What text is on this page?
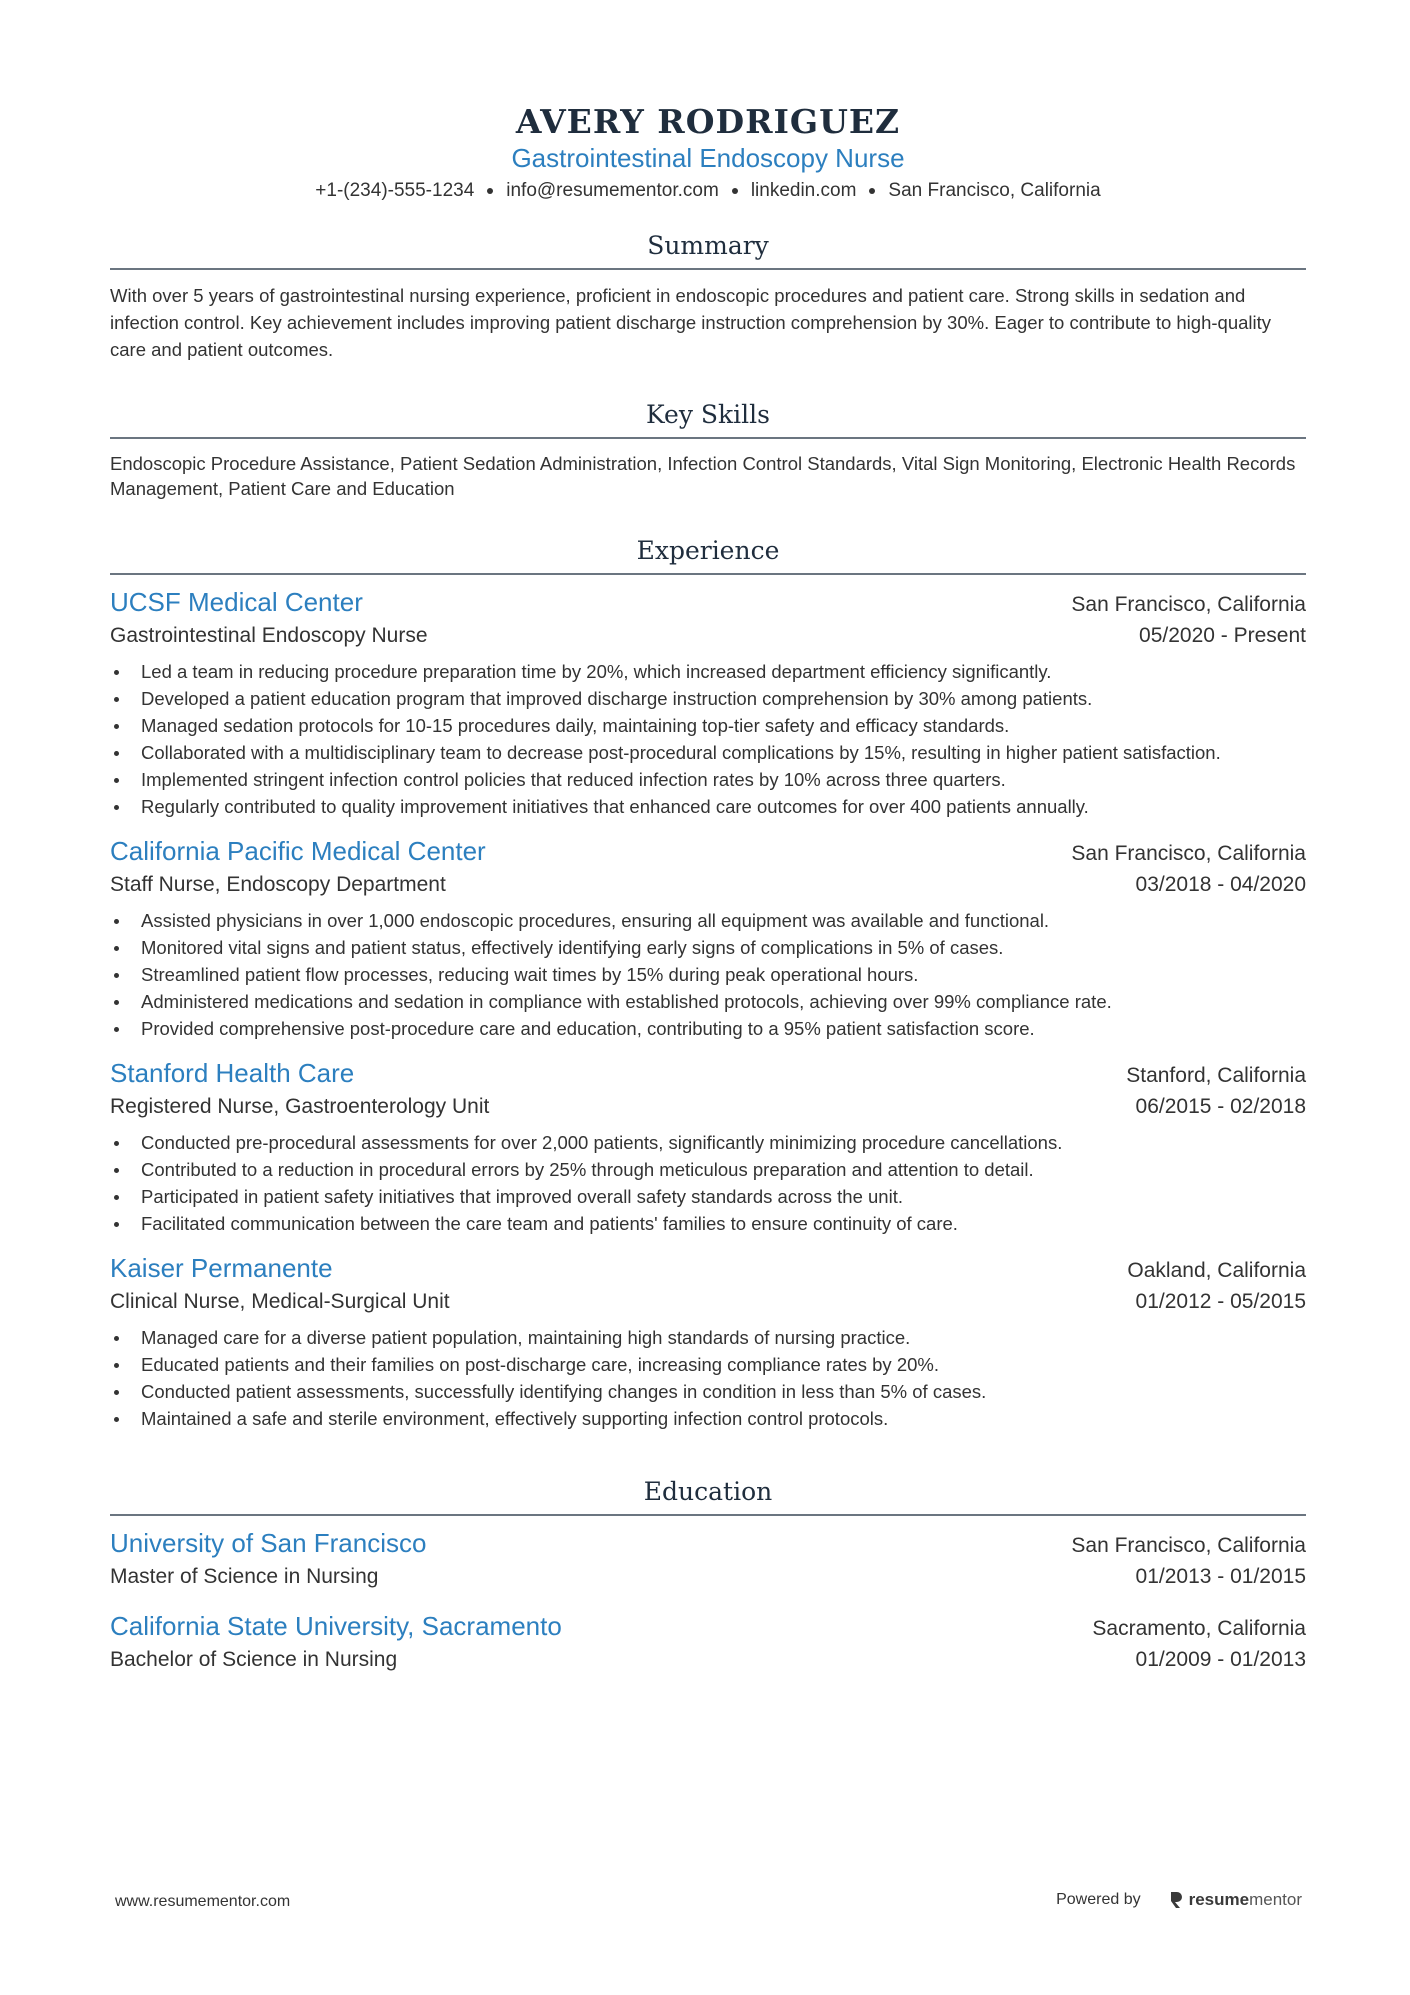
AVERY RODRIGUEZ
Gastrointestinal Endoscopy Nurse
+1-(234)-555-1234 info@resumementor.com linkedin.com San Francisco, California
Summary
With over 5 years of gastrointestinal nursing experience, proficient in endoscopic procedures and patient care. Strong skills in sedation and infection control. Key achievement includes improving patient discharge instruction comprehension by 30%. Eager to contribute to high-quality care and patient outcomes.
Key Skills
Endoscopic Procedure Assistance, Patient Sedation Administration, Infection Control Standards, Vital Sign Monitoring, Electronic Health Records Management, Patient Care and Education
Experience
UCSF Medical Center	San Francisco, California
Gastrointestinal Endoscopy Nurse	05/2020 - Present
Led a team in reducing procedure preparation time by 20%, which increased department efficiency significantly.
Developed a patient education program that improved discharge instruction comprehension by 30% among patients.
Managed sedation protocols for 10-15 procedures daily, maintaining top-tier safety and efficacy standards.
Collaborated with a multidisciplinary team to decrease post-procedural complications by 15%, resulting in higher patient satisfaction.
Implemented stringent infection control policies that reduced infection rates by 10% across three quarters.
Regularly contributed to quality improvement initiatives that enhanced care outcomes for over 400 patients annually.
California Pacific Medical Center	San Francisco, California
Staff Nurse, Endoscopy Department	03/2018 - 04/2020
Assisted physicians in over 1,000 endoscopic procedures, ensuring all equipment was available and functional.
Monitored vital signs and patient status, effectively identifying early signs of complications in 5% of cases.
Streamlined patient flow processes, reducing wait times by 15% during peak operational hours.
Administered medications and sedation in compliance with established protocols, achieving over 99% compliance rate.
Provided comprehensive post-procedure care and education, contributing to a 95% patient satisfaction score.
Stanford Health Care	Stanford, California
Registered Nurse, Gastroenterology Unit	06/2015 - 02/2018
Conducted pre-procedural assessments for over 2,000 patients, significantly minimizing procedure cancellations.
Contributed to a reduction in procedural errors by 25% through meticulous preparation and attention to detail.
Participated in patient safety initiatives that improved overall safety standards across the unit.
Facilitated communication between the care team and patients' families to ensure continuity of care.
Kaiser Permanente	Oakland, California
Clinical Nurse, Medical-Surgical Unit	01/2012 - 05/2015
Managed care for a diverse patient population, maintaining high standards of nursing practice.
Educated patients and their families on post-discharge care, increasing compliance rates by 20%.
Conducted patient assessments, successfully identifying changes in condition in less than 5% of cases.
Maintained a safe and sterile environment, effectively supporting infection control protocols.
Education
University of San Francisco	San Francisco, California
Master of Science in Nursing	01/2013 - 01/2015
California State University, Sacramento	Sacramento, California
Bachelor of Science in Nursing	01/2009 - 01/2013
www.resumementor.com	Powered by	resumementor
